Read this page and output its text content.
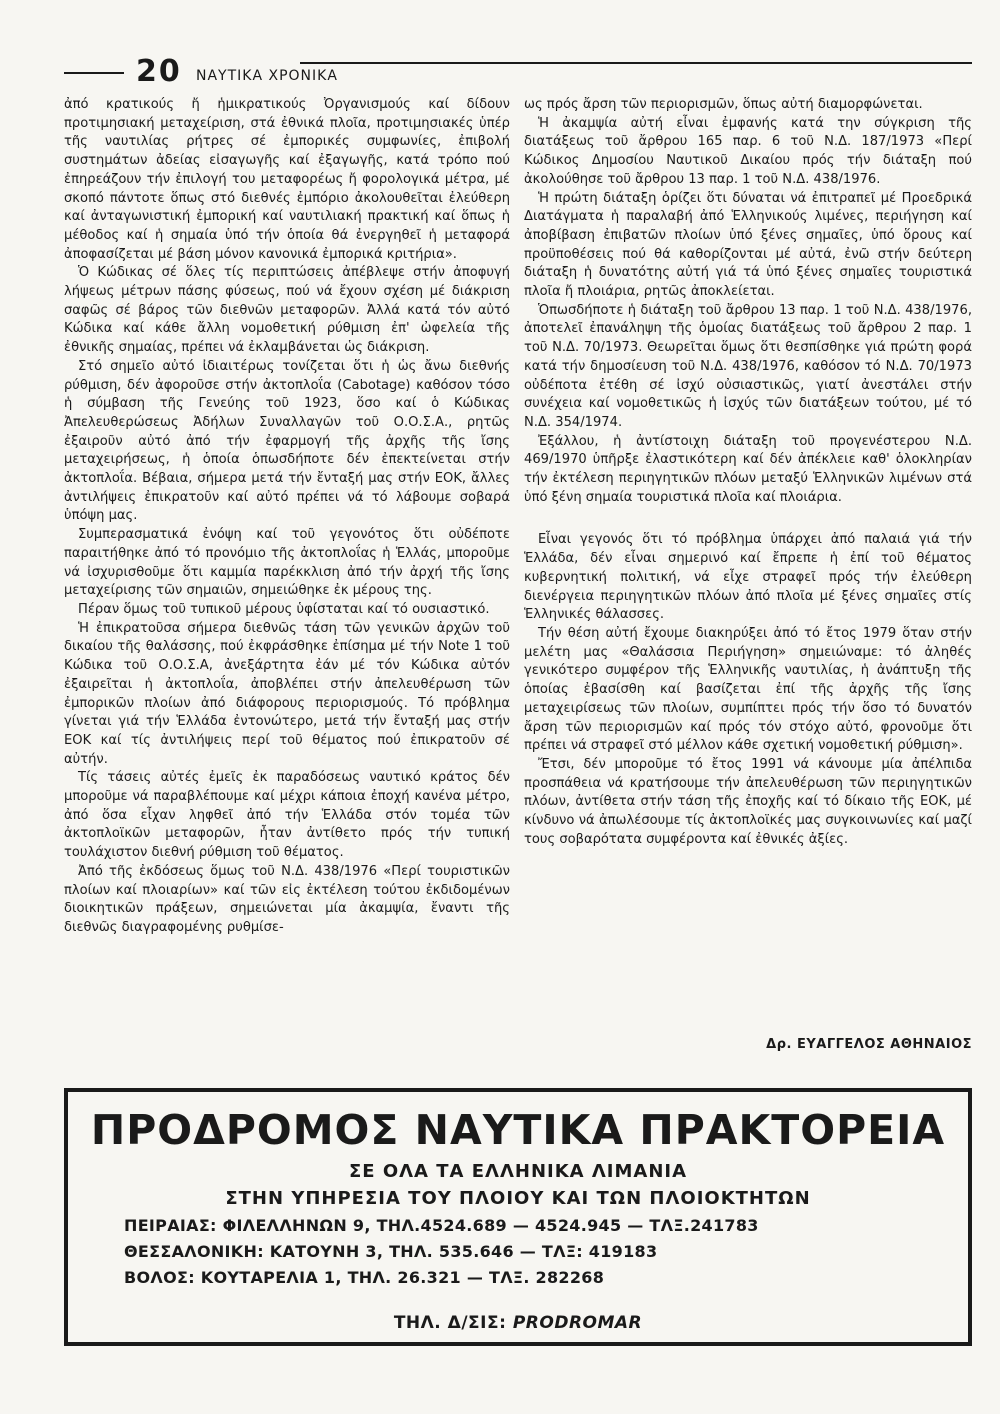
20 ΝΑΥΤΙΚΑ ΧΡΟΝΙΚΑ

ἀπό κρατικούς ἤ ἡμικρατικούς Ὀργανισμούς καί δίδουν προτιμησιακή μεταχείριση, στά ἐθνικά πλοῖα, προτιμησιακές ὑπέρ τῆς ναυτιλίας ρήτρες σέ ἐμπορικές συμφωνίες, ἐπιβολή συστημάτων ἀδείας εἰσαγωγῆς καί ἐξαγωγῆς, κατά τρόπο πού ἐπηρεάζουν τήν ἐπιλογή του μεταφορέως ἤ φορολογικά μέτρα, μέ σκοπό πάντοτε ὅπως στό διεθνές ἐμπόριο ἀκολουθεῖται ἐλεύθερη καί ἀνταγωνιστική ἐμπορική καί ναυτιλιακή πρακτική καί ὅπως ἡ μέθοδος καί ἡ σημαία ὑπό τήν ὁποία θά ἐνεργηθεῖ ἡ μεταφορά ἀποφασίζεται μέ βάση μόνον κανονικά ἐμπορικά κριτήρια».

Ὁ Κώδικας σέ ὅλες τίς περιπτώσεις ἀπέβλεψε στήν ἀποφυγή λήψεως μέτρων πάσης φύσεως, πού νά ἔχουν σχέση μέ διάκριση σαφῶς σέ βάρος τῶν διεθνῶν μεταφορῶν. Ἀλλά κατά τόν αὐτό Κώδικα καί κάθε ἄλλη νομοθετική ρύθμιση ἐπ' ὠφελεία τῆς ἐθνικῆς σημαίας, πρέπει νά ἐκλαμβάνεται ὡς διάκριση.

Στό σημεῖο αὐτό ἰδιαιτέρως τονίζεται ὅτι ἡ ὡς ἄνω διεθνής ρύθμιση, δέν ἀφοροῦσε στήν ἀκτοπλοΐα (Cabotage) καθόσον τόσο ἡ σύμβαση τῆς Γενεύης τοῦ 1923, ὅσο καί ὁ Κώδικας Ἀπελευθερώσεως Ἀδήλων Συναλλαγῶν τοῦ Ο.Ο.Σ.Α., ρητῶς ἐξαιροῦν αὐτό ἀπό τήν ἐφαρμογή τῆς ἀρχῆς τῆς ἴσης μεταχειρήσεως, ἡ ὁποία ὁπωσδήποτε δέν ἐπεκτείνεται στήν ἀκτοπλοΐα. Βέβαια, σήμερα μετά τήν ἔνταξή μας στήν ΕΟΚ, ἄλλες ἀντιλήψεις ἐπικρατοῦν καί αὐτό πρέπει νά τό λάβουμε σοβαρά ὑπόψη μας.

Συμπερασματικά ἐνόψη καί τοῦ γεγονότος ὅτι οὐδέποτε παραιτήθηκε ἀπό τό προνόμιο τῆς ἀκτοπλοΐας ἡ Ἑλλάς, μποροῦμε νά ἰσχυρισθοῦμε ὅτι καμμία παρέκκλιση ἀπό τήν ἀρχή τῆς ἴσης μεταχείρισης τῶν σημαιῶν, σημειώθηκε ἐκ μέρους της.

Πέραν ὅμως τοῦ τυπικοῦ μέρους ὑφίσταται καί τό ουσιαστικό.

Ἡ ἐπικρατοῦσα σήμερα διεθνῶς τάση τῶν γενικῶν ἀρχῶν τοῦ δικαίου τῆς θαλάσσης, πού ἐκφράσθηκε ἐπίσημα μέ τήν Note 1 τοῦ Κώδικα τοῦ Ο.Ο.Σ.Α, ἀνεξάρτητα ἐάν μέ τόν Κώδικα αὐτόν ἐξαιρεῖται ἡ ἀκτοπλοΐα, ἀποβλέπει στήν ἀπελευθέρωση τῶν ἐμπορικῶν πλοίων ἀπό διάφορους περιορισμούς. Τό πρόβλημα γίνεται γιά τήν Ἑλλάδα ἐντονώτερο, μετά τήν ἔνταξή μας στήν ΕΟΚ καί τίς ἀντιλήψεις περί τοῦ θέματος πού ἐπικρατοῦν σέ αὐτήν.

Τίς τάσεις αὐτές ἐμεῖς ἐκ παραδόσεως ναυτικό κράτος δέν μποροῦμε νά παραβλέπουμε καί μέχρι κάποια ἐποχή κανένα μέτρο, ἀπό ὅσα εἶχαν ληφθεῖ ἀπό τήν Ἑλλάδα στόν τομέα τῶν ἀκτοπλοϊκῶν μεταφορῶν, ἦταν ἀντίθετο πρός τήν τυπική τουλάχιστον διεθνή ρύθμιση τοῦ θέματος.

Ἀπό τῆς ἐκδόσεως ὅμως τοῦ Ν.Δ. 438/1976 «Περί τουριστικῶν πλοίων καί πλοιαρίων» καί τῶν εἰς ἐκτέλεση τούτου ἐκδιδομένων διοικητικῶν πράξεων, σημειώνεται μία ἀκαμψία, ἔναντι τῆς διεθνῶς διαγραφομένης ρυθμίσε-

ως πρός ἄρση τῶν περιορισμῶν, ὅπως αὐτή διαμορφώνεται.

Ἡ ἀκαμψία αὐτή εἶναι ἐμφανής κατά την σύγκριση τῆς διατάξεως τοῦ ἄρθρου 165 παρ. 6 τοῦ Ν.Δ. 187/1973 «Περί Κώδικος Δημοσίου Ναυτικοῦ Δικαίου πρός τήν διάταξη πού ἀκολούθησε τοῦ ἄρθρου 13 παρ. 1 τοῦ Ν.Δ. 438/1976.

Ἡ πρώτη διάταξη ὁρίζει ὅτι δύναται νά ἐπιτραπεῖ μέ Προεδρικά Διατάγματα ἡ παραλαβή ἀπό Ἑλληνικούς λιμένες, περιήγηση καί ἀποβίβαση ἐπιβατῶν πλοίων ὑπό ξένες σημαῖες, ὑπό ὅρους καί προϋποθέσεις πού θά καθορίζονται μέ αὐτά, ἐνῶ στήν δεύτερη διάταξη ἡ δυνατότης αὐτή γιά τά ὑπό ξένες σημαῖες τουριστικά πλοῖα ἤ πλοιάρια, ρητῶς ἀποκλείεται.

Ὁπωσδήποτε ἡ διάταξη τοῦ ἄρθρου 13 παρ. 1 τοῦ Ν.Δ. 438/1976, ἀποτελεῖ ἐπανάληψη τῆς ὁμοίας διατάξεως τοῦ ἄρθρου 2 παρ. 1 τοῦ Ν.Δ. 70/1973. Θεωρεῖται ὅμως ὅτι θεσπίσθηκε γιά πρώτη φορά κατά τήν δημοσίευση τοῦ Ν.Δ. 438/1976, καθόσον τό Ν.Δ. 70/1973 οὐδέποτα ἐτέθη σέ ἰσχύ οὐσιαστικῶς, γιατί ἀνεστάλει στήν συνέχεια καί νομοθετικῶς ἡ ἰσχύς τῶν διατάξεων τούτου, μέ τό Ν.Δ. 354/1974.

Ἐξάλλου, ἡ ἀντίστοιχη διάταξη τοῦ προγενέστερου Ν.Δ. 469/1970 ὑπῆρξε ἐλαστικότερη καί δέν ἀπέκλειε καθ' ὁλοκληρίαν τήν ἐκτέλεση περιηγητικῶν πλόων μεταξύ Ἑλληνικῶν λιμένων στά ὑπό ξένη σημαία τουριστικά πλοῖα καί πλοιάρια.

Εἶναι γεγονός ὅτι τό πρόβλημα ὑπάρχει ἀπό παλαιά γιά τήν Ἑλλάδα, δέν εἶναι σημερινό καί ἔπρεπε ἡ ἐπί τοῦ θέματος κυβερνητική πολιτική, νά εἶχε στραφεῖ πρός τήν ἐλεύθερη διενέργεια περιηγητικῶν πλόων ἀπό πλοῖα μέ ξένες σημαῖες στίς Ἑλληνικές θάλασσες.

Τήν θέση αὐτή ἔχουμε διακηρύξει ἀπό τό ἔτος 1979 ὅταν στήν μελέτη μας «Θαλάσσια Περιήγηση» σημειώναμε: τό ἀληθές γενικότερο συμφέρον τῆς Ἑλληνικῆς ναυτιλίας, ἡ ἀνάπτυξη τῆς ὁποίας ἐβασίσθη καί βασίζεται ἐπί τῆς ἀρχῆς τῆς ἴσης μεταχειρίσεως τῶν πλοίων, συμπίπτει πρός τήν ὅσο τό δυνατόν ἄρση τῶν περιορισμῶν καί πρός τόν στόχο αὐτό, φρονοῦμε ὅτι πρέπει νά στραφεῖ στό μέλλον κάθε σχετική νομοθετική ρύθμιση».

Ἔτσι, δέν μποροῦμε τό ἔτος 1991 νά κάνουμε μία ἀπέλπιδα προσπάθεια νά κρατήσουμε τήν ἀπελευθέρωση τῶν περιηγητικῶν πλόων, ἀντίθετα στήν τάση τῆς ἐποχῆς καί τό δίκαιο τῆς ΕΟΚ, μέ κίνδυνο νά ἀπωλέσουμε τίς ἀκτοπλοϊκές μας συγκοινωνίες καί μαζί τους σοβαρότατα συμφέροντα καί ἐθνικές ἀξίες.

Δρ. ΕΥΑΓΓΕΛΟΣ ΑΘΗΝΑΙΟΣ
ΠΡΟΔΡΟΜΟΣ ΝΑΥΤΙΚΑ ΠΡΑΚΤΟΡΕΙΑ
ΣΕ ΟΛΑ ΤΑ ΕΛΛΗΝΙΚΑ ΛΙΜΑΝΙΑ
ΣΤΗΝ ΥΠΗΡΕΣΙΑ ΤΟΥ ΠΛΟΙΟΥ ΚΑΙ ΤΩΝ ΠΛΟΙΟΚΤΗΤΩΝ
ΠΕΙΡΑΙΑΣ: ΦΙΛΕΛΛΗΝΩΝ 9, ΤΗΛ.4524.689 — 4524.945 — ΤΛΞ.241783
ΘΕΣΣΑΛΟΝΙΚΗ: ΚΑΤΟΥΝΗ 3, ΤΗΛ. 535.646 — ΤΛΞ: 419183
ΒΟΛΟΣ: ΚΟΥΤΑΡΕΛΙΑ 1, ΤΗΛ. 26.321 — ΤΛΞ. 282268
ΤΗΛ. Δ/ΣΙΣ: PRODROMAR
